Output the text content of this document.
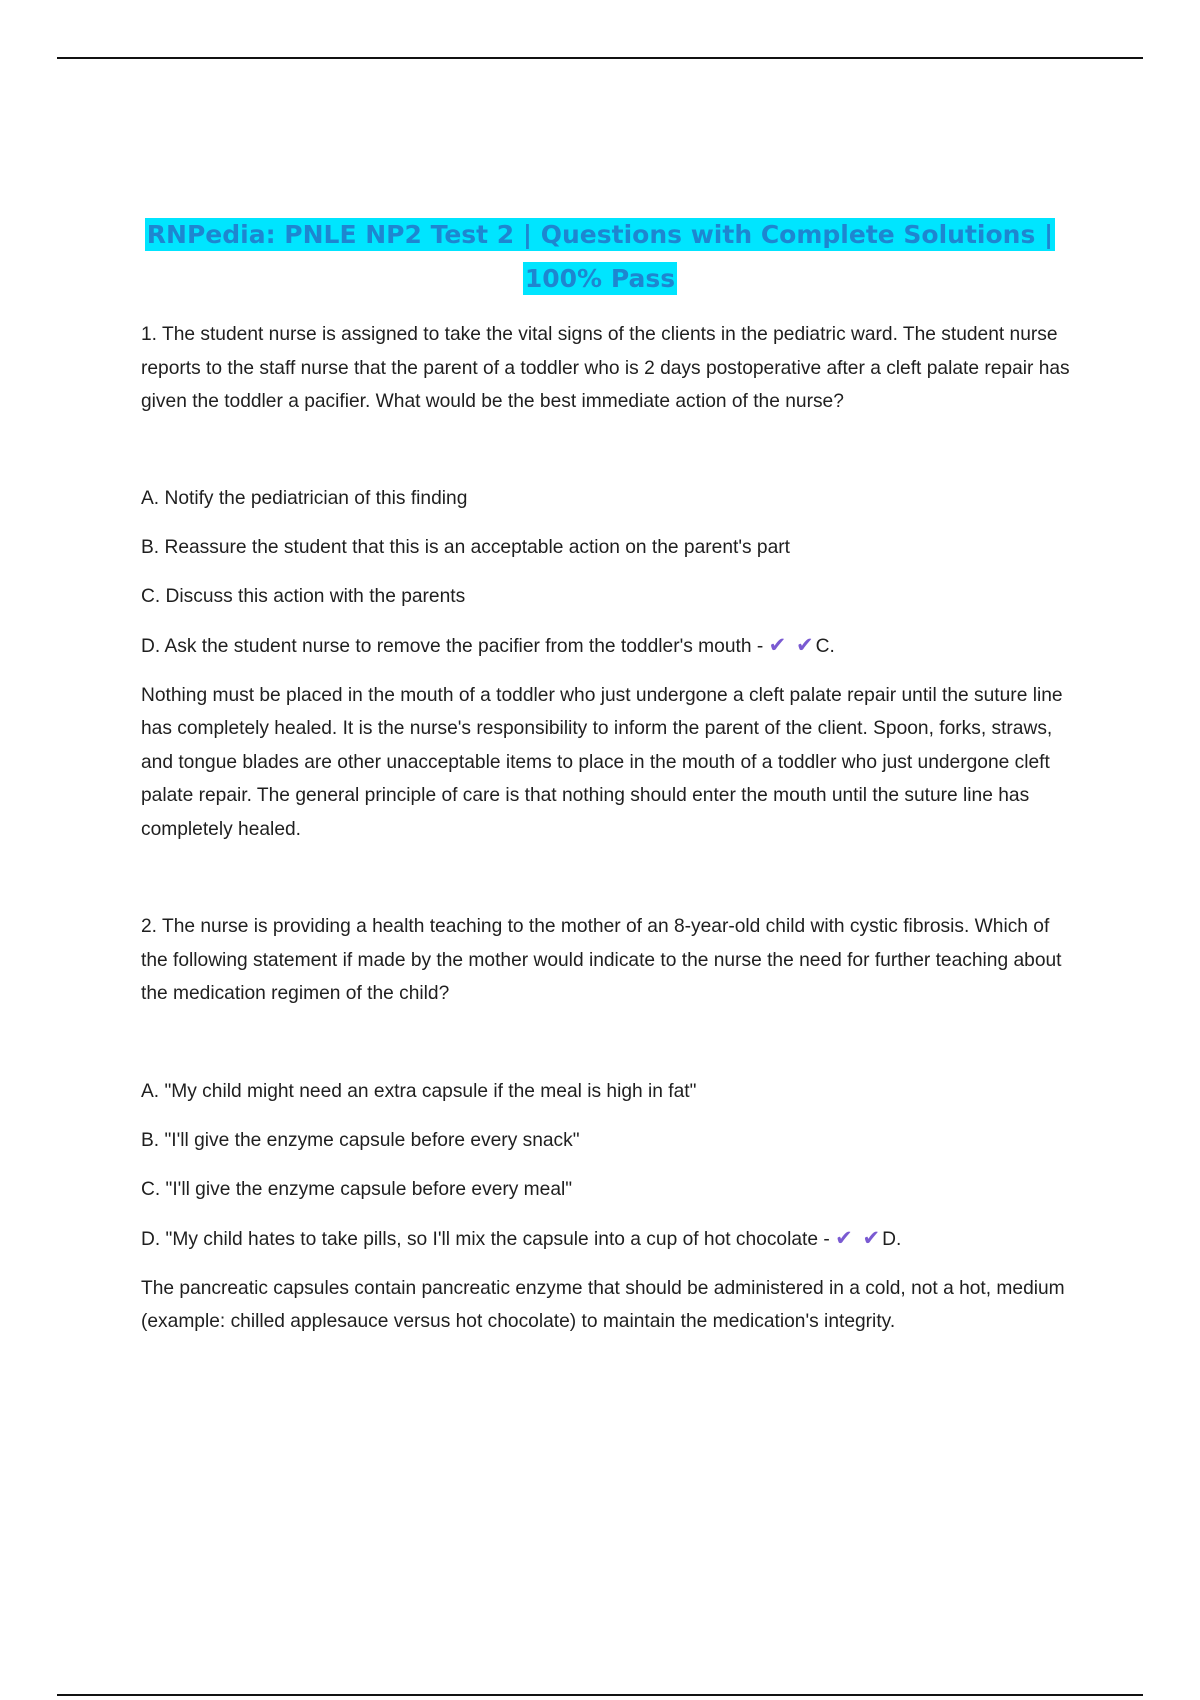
RNPedia: PNLE NP2 Test 2 | Questions with Complete Solutions |
100% Pass

1. The student nurse is assigned to take the vital signs of the clients in the pediatric ward. The student nurse reports to the staff nurse that the parent of a toddler who is 2 days postoperative after a cleft palate repair has given the toddler a pacifier. What would be the best immediate action of the nurse?

A. Notify the pediatrician of this finding

B. Reassure the student that this is an acceptable action on the parent's part

C. Discuss this action with the parents

D. Ask the student nurse to remove the pacifier from the toddler's mouth - ✔ ✔C.

Nothing must be placed in the mouth of a toddler who just undergone a cleft palate repair until the suture line has completely healed. It is the nurse's responsibility to inform the parent of the client. Spoon, forks, straws, and tongue blades are other unacceptable items to place in the mouth of a toddler who just undergone cleft palate repair. The general principle of care is that nothing should enter the mouth until the suture line has completely healed.

2. The nurse is providing a health teaching to the mother of an 8-year-old child with cystic fibrosis. Which of the following statement if made by the mother would indicate to the nurse the need for further teaching about the medication regimen of the child?

A. "My child might need an extra capsule if the meal is high in fat"

B. "I'll give the enzyme capsule before every snack"

C. "I'll give the enzyme capsule before every meal"

D. "My child hates to take pills, so I'll mix the capsule into a cup of hot chocolate - ✔ ✔D.

The pancreatic capsules contain pancreatic enzyme that should be administered in a cold, not a hot, medium (example: chilled applesauce versus hot chocolate) to maintain the medication's integrity.
